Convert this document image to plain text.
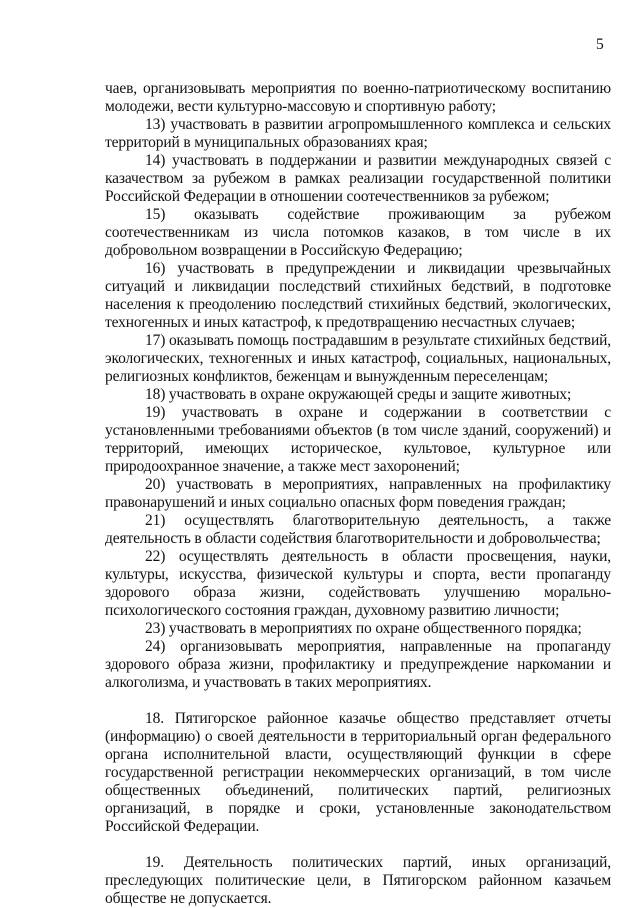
5

чаев, организовывать мероприятия по военно-патриотическому воспитанию молодежи, вести культурно-массовую и спортивную работу;

13) участвовать в развитии агропромышленного комплекса и сельских территорий в муниципальных образованиях края;

14) участвовать в поддержании и развитии международных связей с казачеством за рубежом в рамках реализации государственной политики Российской Федерации в отношении соотечественников за рубежом;

15) оказывать содействие проживающим за рубежом соотечественникам из числа потомков казаков, в том числе в их добровольном возвращении в Российскую Федерацию;

16) участвовать в предупреждении и ликвидации чрезвычайных ситуаций и ликвидации последствий стихийных бедствий, в подготовке населения к преодолению последствий стихийных бедствий, экологических, техногенных и иных катастроф, к предотвращению несчастных случаев;

17) оказывать помощь пострадавшим в результате стихийных бедствий, экологических, техногенных и иных катастроф, социальных, национальных, религиозных конфликтов, беженцам и вынужденным переселенцам;

18) участвовать в охране окружающей среды и защите животных;

19) участвовать в охране и содержании в соответствии с установленными требованиями объектов (в том числе зданий, сооружений) и территорий, имеющих историческое, культовое, культурное или природоохранное значение, а также мест захоронений;

20) участвовать в мероприятиях, направленных на профилактику правонарушений и иных социально опасных форм поведения граждан;

21) осуществлять благотворительную деятельность, а также деятельность в области содействия благотворительности и добровольчества;

22) осуществлять деятельность в области просвещения, науки, культуры, искусства, физической культуры и спорта, вести пропаганду здорового образа жизни, содействовать улучшению морально-психологического состояния граждан, духовному развитию личности;

23) участвовать в мероприятиях по охране общественного порядка;

24) организовывать мероприятия, направленные на пропаганду здорового образа жизни, профилактику и предупреждение наркомании и алкоголизма, и участвовать в таких мероприятиях.

18. Пятигорское районное казачье общество представляет отчеты (информацию) о своей деятельности в территориальный орган федерального органа исполнительной власти, осуществляющий функции в сфере государственной регистрации некоммерческих организаций, в том числе общественных объединений, политических партий, религиозных организаций, в порядке и сроки, установленные законодательством Российской Федерации.

19. Деятельность политических партий, иных организаций, преследующих политические цели, в Пятигорском районном казачьем обществе не допускается.
